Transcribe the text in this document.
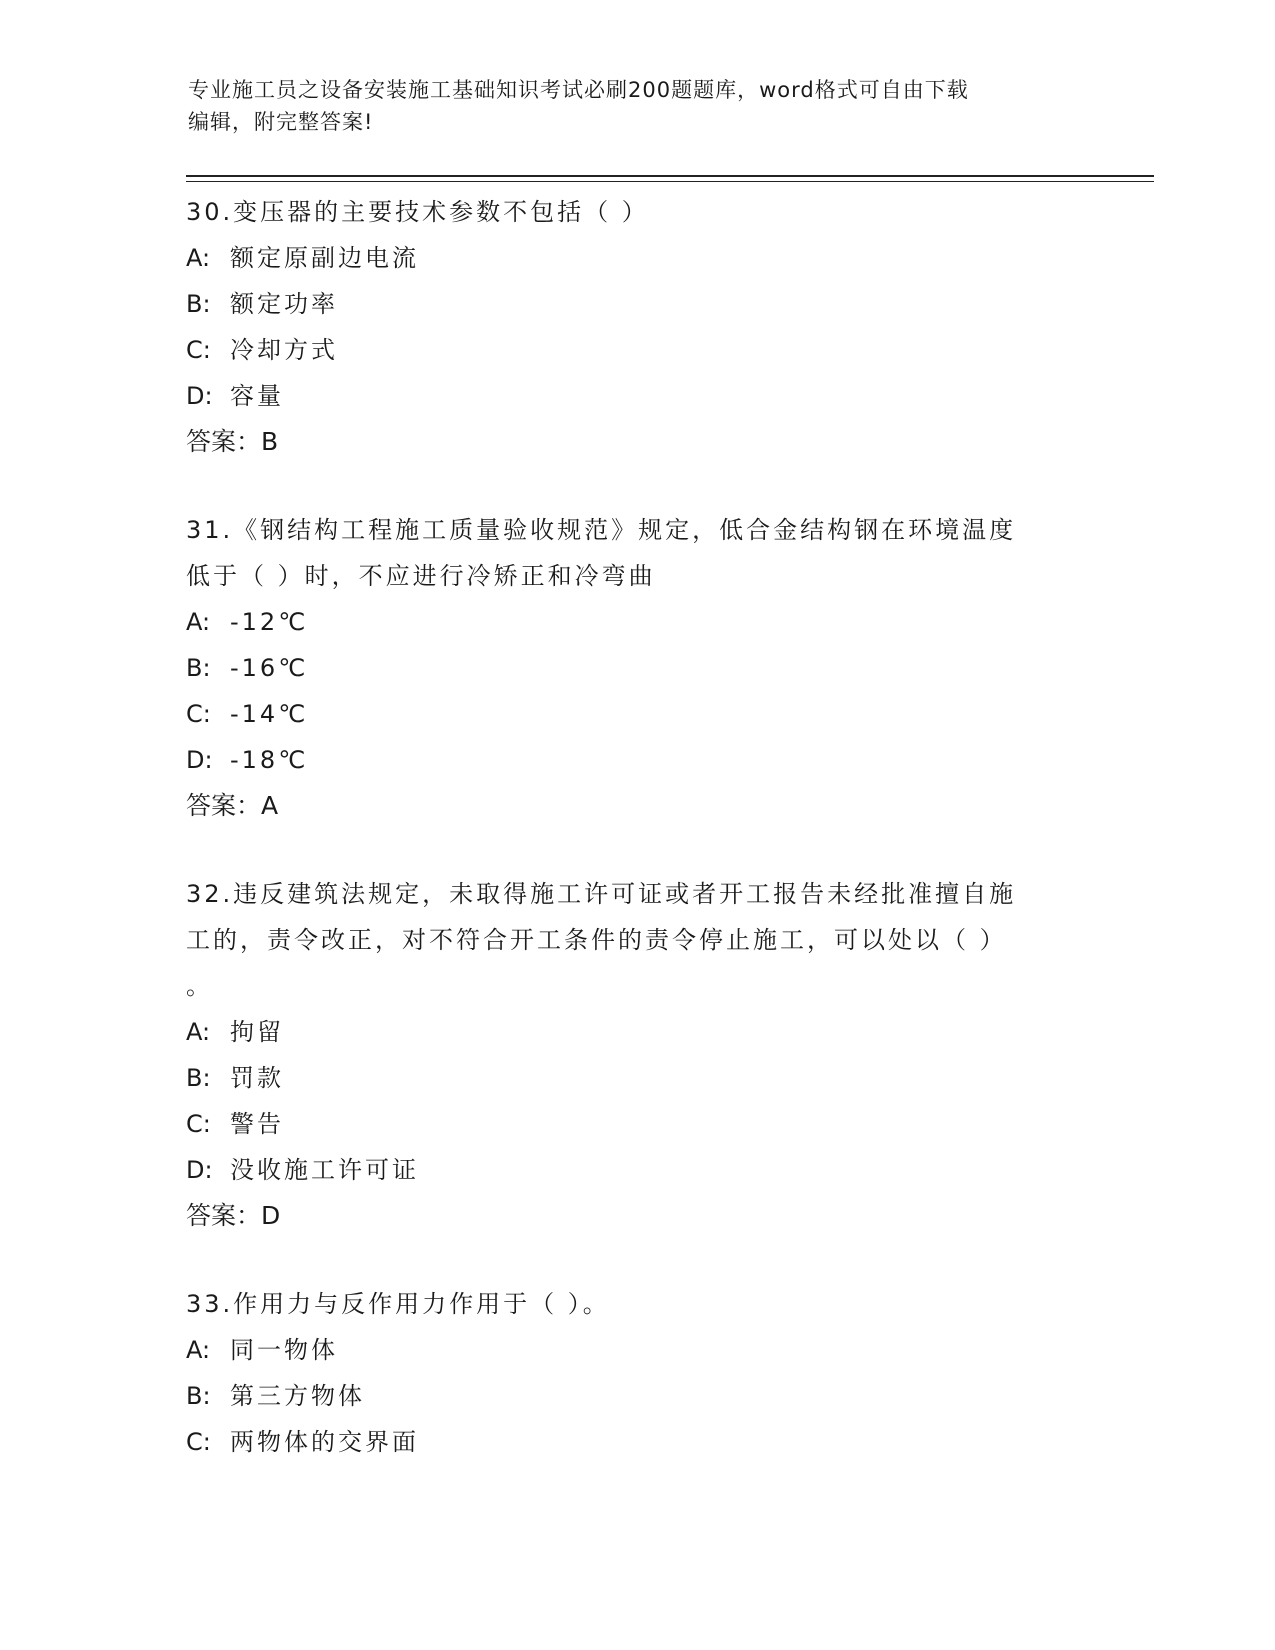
专业施工员之设备安装施工基础知识考试必刷200题题库，word格式可自由下载
编辑，附完整答案!
30.变压器的主要技术参数不包括（ ）
A: 额定原副边电流
B: 额定功率
C: 冷却方式
D: 容量
答案：B
31.《钢结构工程施工质量验收规范》规定，低合金结构钢在环境温度
低于（ ）时，不应进行冷矫正和冷弯曲
A: -12℃
B: -16℃
C: -14℃
D: -18℃
答案：A
32.违反建筑法规定，未取得施工许可证或者开工报告未经批准擅自施
工的，责令改正，对不符合开工条件的责令停止施工，可以处以（ ）
。
A: 拘留
B: 罚款
C: 警告
D: 没收施工许可证
答案：D
33.作用力与反作用力作用于（ ）。
A: 同一物体
B: 第三方物体
C: 两物体的交界面
